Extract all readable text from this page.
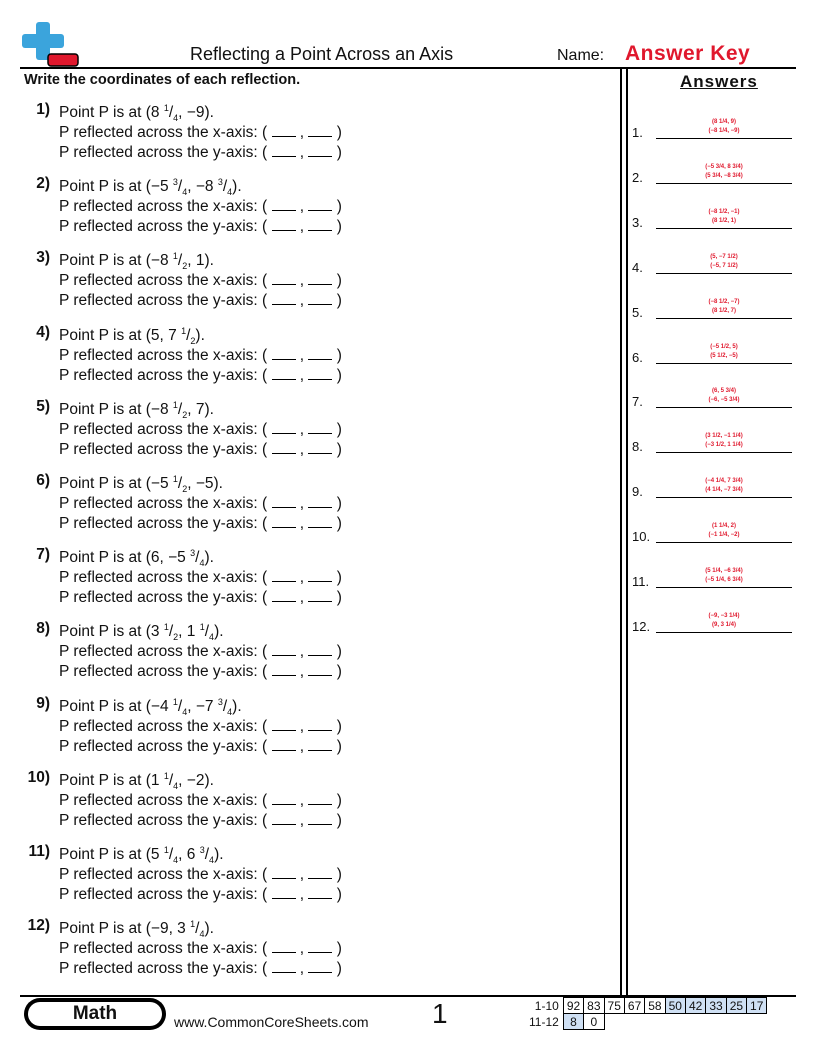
Reflecting a Point Across an Axis	Name: Answer Key
Write the coordinates of each reflection.
1) Point P is at (8 $^1/_4$, −9).
P reflected across the x-axis: (  ,  )
P reflected across the y-axis: (  ,  )
2) Point P is at (−5 $^3/_4$, −8 $^3/_4$).
P reflected across the x-axis: (  ,  )
P reflected across the y-axis: (  ,  )
3) Point P is at (−8 $^1/_2$, 1).
P reflected across the x-axis: (  ,  )
P reflected across the y-axis: (  ,  )
4) Point P is at (5, 7 $^1/_2$).
P reflected across the x-axis: (  ,  )
P reflected across the y-axis: (  ,  )
5) Point P is at (−8 $^1/_2$, 7).
P reflected across the x-axis: (  ,  )
P reflected across the y-axis: (  ,  )
6) Point P is at (−5 $^1/_2$, −5).
P reflected across the x-axis: (  ,  )
P reflected across the y-axis: (  ,  )
7) Point P is at (6, −5 $^3/_4$).
P reflected across the x-axis: (  ,  )
P reflected across the y-axis: (  ,  )
8) Point P is at (3 $^1/_2$, 1 $^1/_4$).
P reflected across the x-axis: (  ,  )
P reflected across the y-axis: (  ,  )
9) Point P is at (−4 $^1/_4$, −7 $^3/_4$).
P reflected across the x-axis: (  ,  )
P reflected across the y-axis: (  ,  )
10) Point P is at (1 $^1/_4$, −2).
P reflected across the x-axis: (  ,  )
P reflected across the y-axis: (  ,  )
11) Point P is at (5 $^1/_4$, 6 $^3/_4$).
P reflected across the x-axis: (  ,  )
P reflected across the y-axis: (  ,  )
12) Point P is at (−9, 3 $^1/_4$).
P reflected across the x-axis: (  ,  )
P reflected across the y-axis: (  ,  )
Answers
1.
(8 1/4, 9)
(−8 1/4, −9)
2.
(−5 3/4, 8 3/4)
(5 3/4, −8 3/4)
3.
(−8 1/2, −1)
(8 1/2, 1)
4.
(5, −7 1/2)
(−5, 7 1/2)
5.
(−8 1/2, −7)
(8 1/2, 7)
6.
(−5 1/2, 5)
(5 1/2, −5)
7.
(6, 5 3/4)
(−6, −5 3/4)
8.
(3 1/2, −1 1/4)
(−3 1/2, 1 1/4)
9.
(−4 1/4, 7 3/4)
(4 1/4, −7 3/4)
10.
(1 1/4, 2)
(−1 1/4, −2)
11.
(5 1/4, −6 3/4)
(−5 1/4, 6 3/4)
12.
(−9, −3 1/4)
(9, 3 1/4)
Math	www.CommonCoreSheets.com 1	1-10	92	83	75	67	58	50	42	33	25	17
11-12	8	0								
